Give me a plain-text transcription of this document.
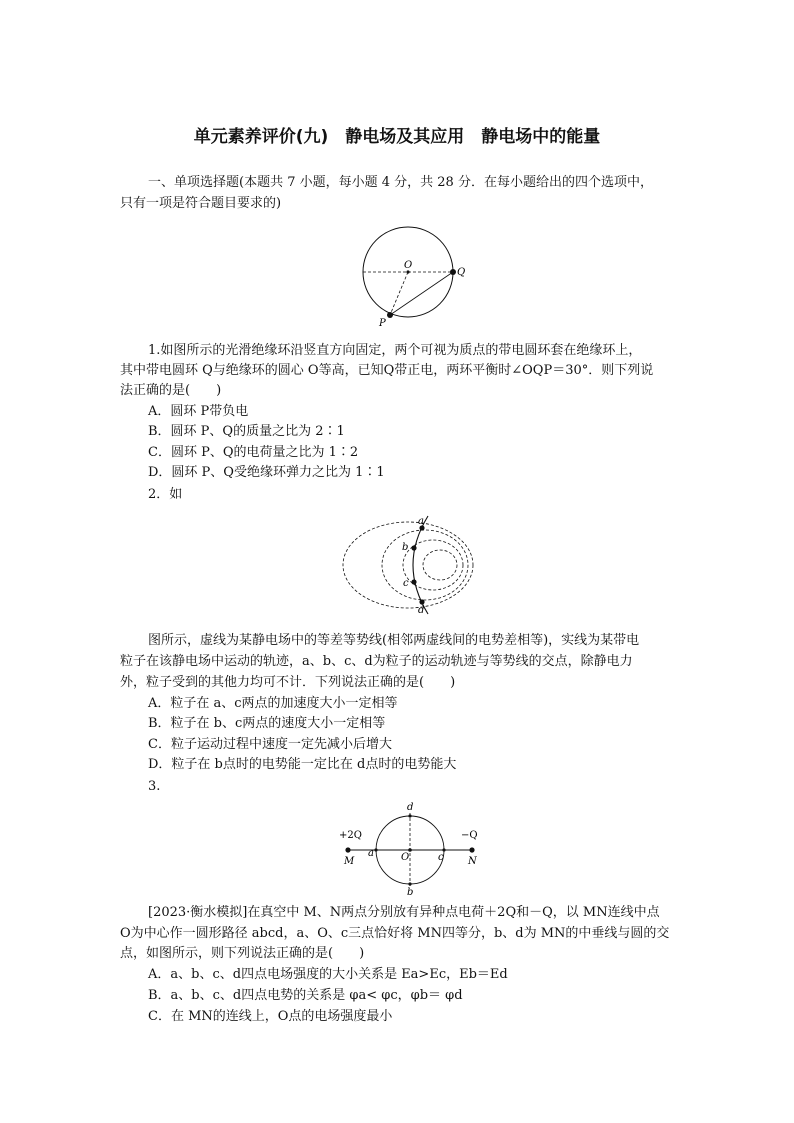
单元素养评价(九)　静电场及其应用　静电场中的能量
一、单项选择题(本题共 7 小题，每小题 4 分，共 28 分．在每小题给出的四个选项中，
只有一项是符合题目要求的)
O
Q
P
1.如图所示的光滑绝缘环沿竖直方向固定，两个可视为质点的带电圆环套在绝缘环上，
其中带电圆环 Q与绝缘环的圆心 O等高，已知Q带正电，两环平衡时∠OQP＝30°．则下列说
法正确的是(　　)
A．圆环 P带负电
B．圆环 P、Q的质量之比为 2∶1
C．圆环 P、Q的电荷量之比为 1∶2
D．圆环 P、Q受绝缘环弹力之比为 1∶1
2．如
a
b
c
d
图所示，虚线为某静电场中的等差等势线(相邻两虚线间的电势差相等)，实线为某带电
粒子在该静电场中运动的轨迹，a、b、c、d为粒子的运动轨迹与等势线的交点，除静电力
外，粒子受到的其他力均可不计．下列说法正确的是(　　)
A．粒子在 a、c两点的加速度大小一定相等
B．粒子在 b、c两点的速度大小一定相等
C．粒子运动过程中速度一定先减小后增大
D．粒子在 b点时的电势能一定比在 d点时的电势能大
3.
+2Q	−Q
M	N
a	O	c
b
d
[2023·衡水模拟]在真空中 M、N两点分别放有异种点电荷＋2Q和－Q，以 MN连线中点
O为中心作一圆形路径 abcd，a、O、c三点恰好将 MN四等分，b、d为 MN的中垂线与圆的交
点，如图所示，则下列说法正确的是(　　)
A．a、b、c、d四点电场强度的大小关系是 Ea>Ec，Eb＝Ed
B．a、b、c、d四点电势的关系是 φa< φc，φb＝ φd
C．在 MN的连线上，O点的电场强度最小
